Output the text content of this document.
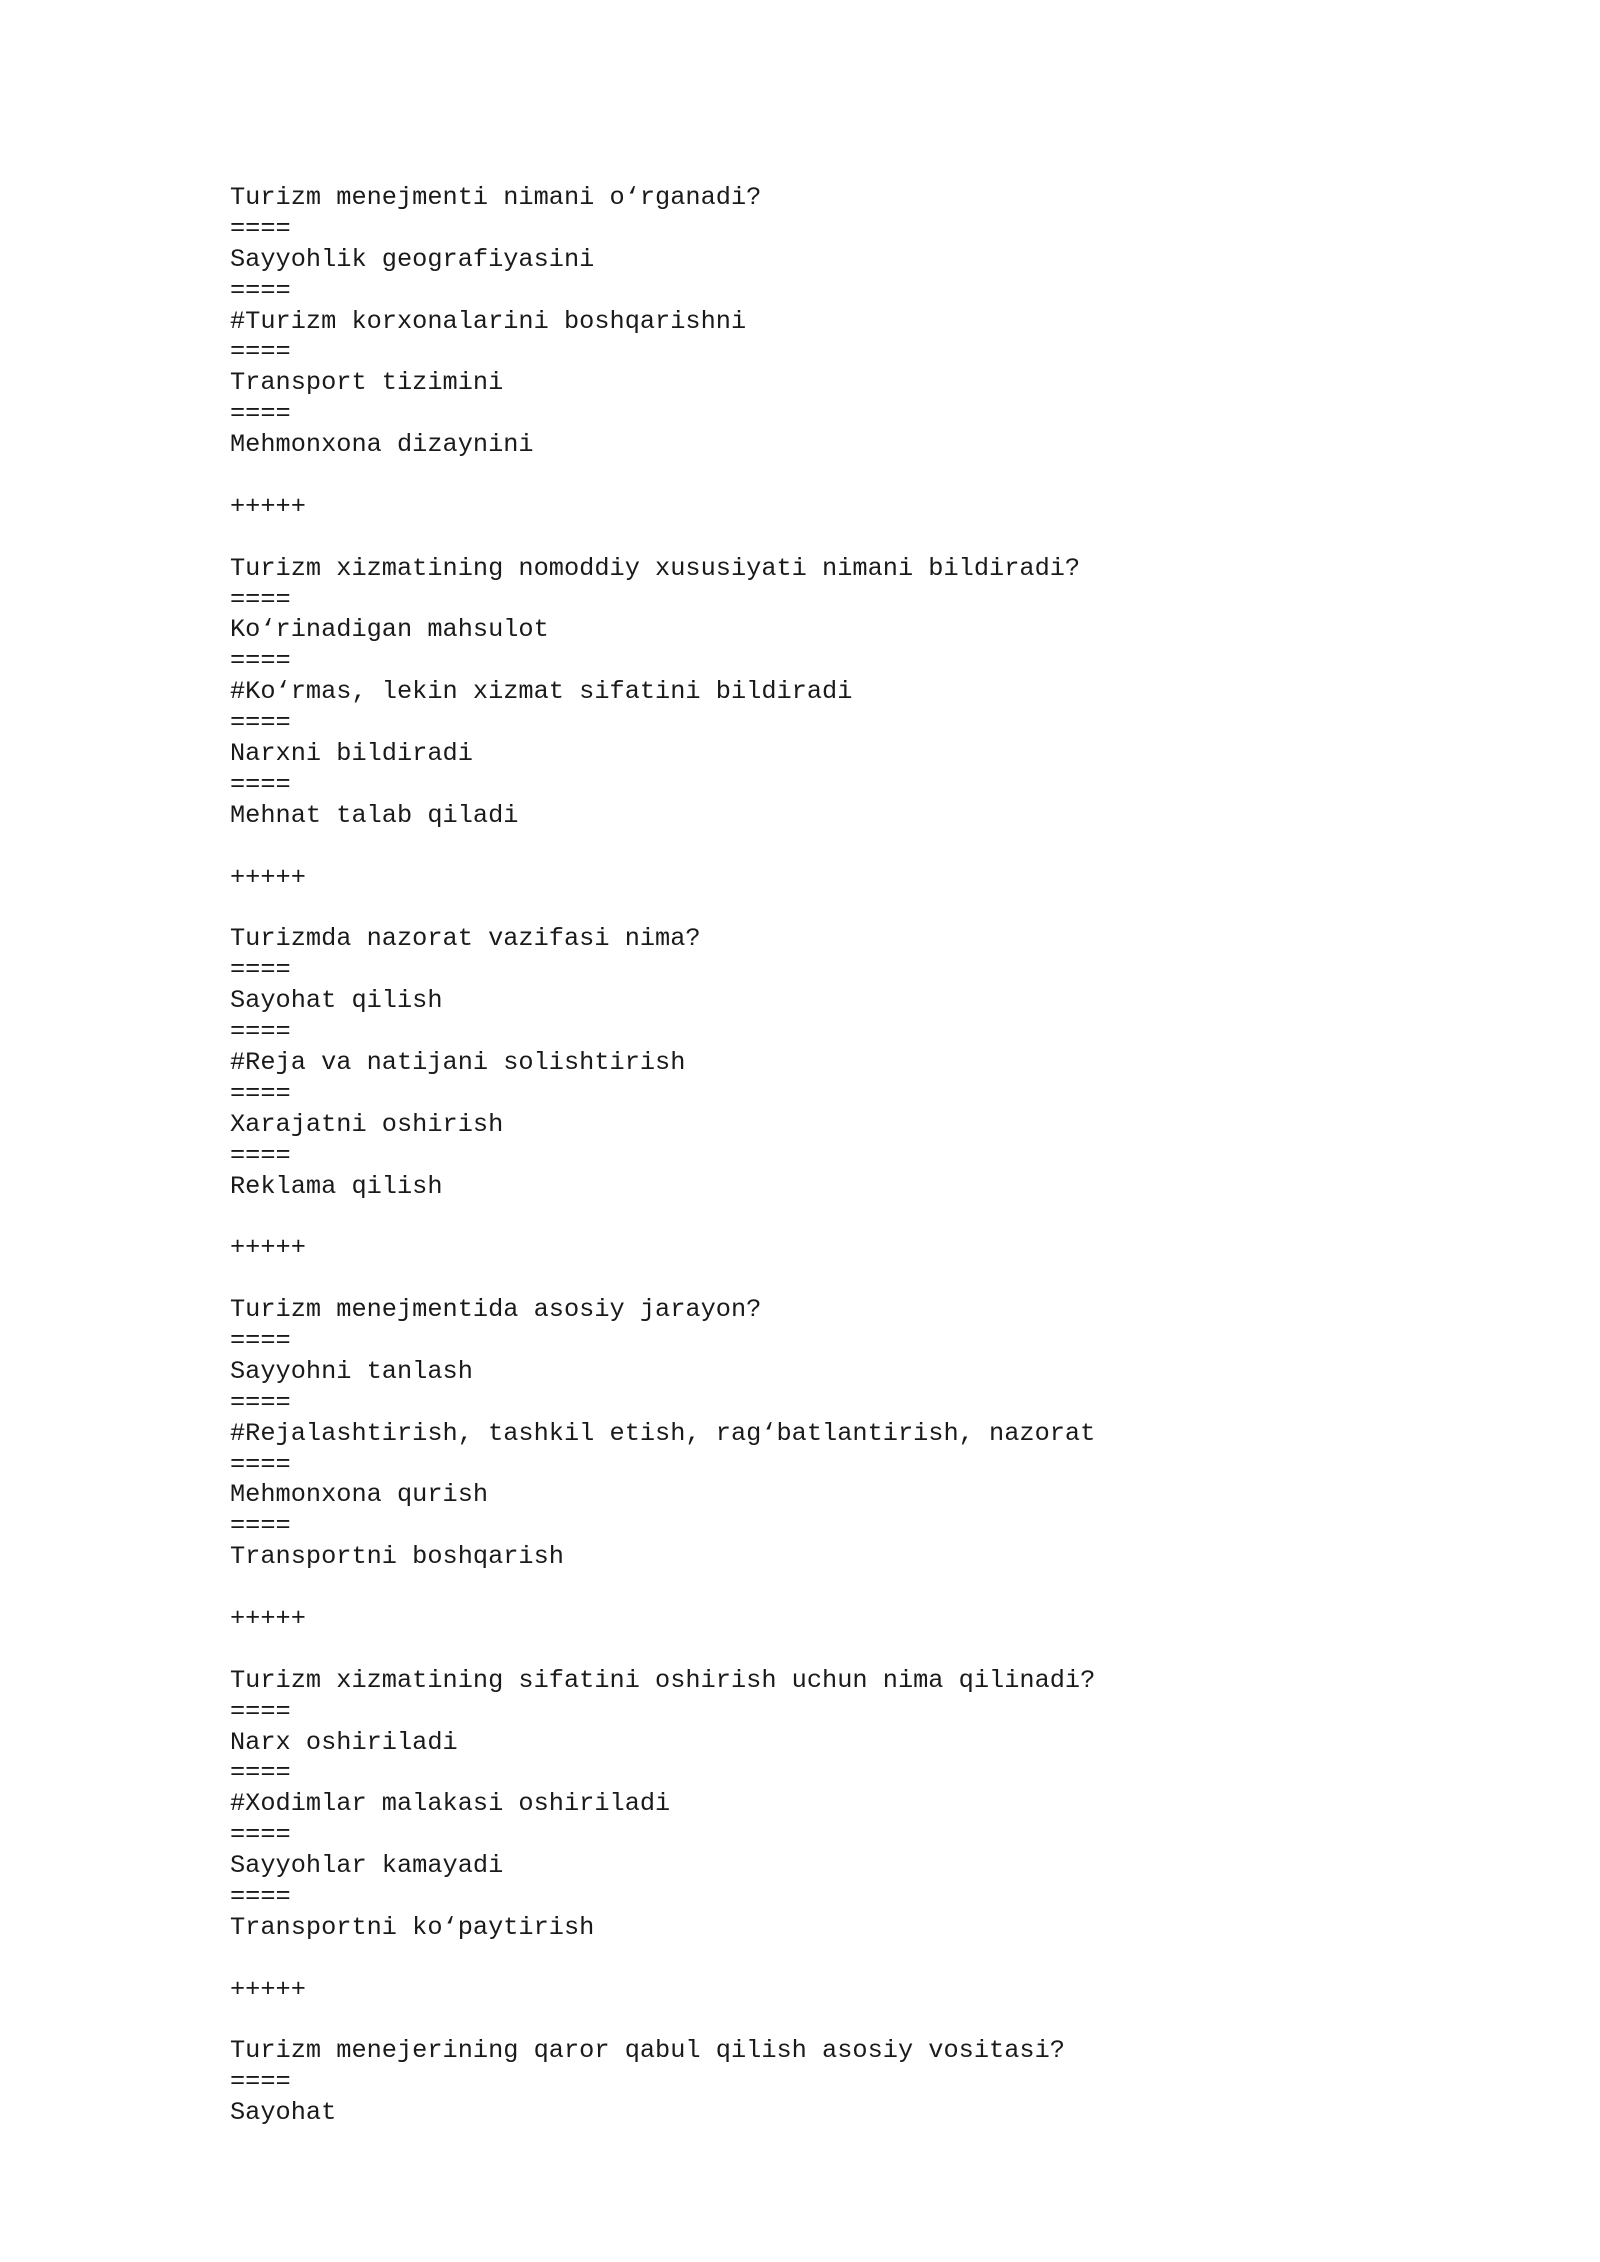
Turizm menejmenti nimani o‘rganadi?
====
Sayyohlik geografiyasini
====
#Turizm korxonalarini boshqarishni
====
Transport tizimini
====
Mehmonxona dizaynini
+++++
Turizm xizmatining nomoddiy xususiyati nimani bildiradi?
====
Ko‘rinadigan mahsulot
====
#Ko‘rmas, lekin xizmat sifatini bildiradi
====
Narxni bildiradi
====
Mehnat talab qiladi
+++++
Turizmda nazorat vazifasi nima?
====
Sayohat qilish
====
#Reja va natijani solishtirish
====
Xarajatni oshirish
====
Reklama qilish
+++++
Turizm menejmentida asosiy jarayon?
====
Sayyohni tanlash
====
#Rejalashtirish, tashkil etish, rag‘batlantirish, nazorat
====
Mehmonxona qurish
====
Transportni boshqarish
+++++
Turizm xizmatining sifatini oshirish uchun nima qilinadi?
====
Narx oshiriladi
====
#Xodimlar malakasi oshiriladi
====
Sayyohlar kamayadi
====
Transportni ko‘paytirish
+++++
Turizm menejerining qaror qabul qilish asosiy vositasi?
====
Sayohat
